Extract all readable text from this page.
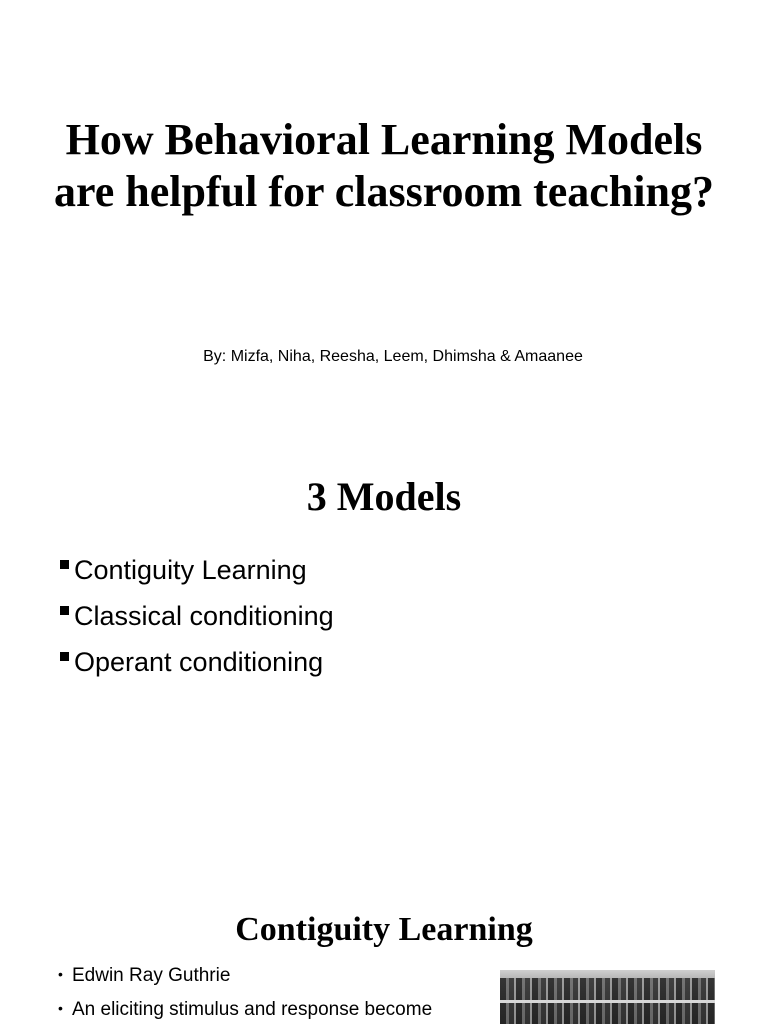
How Behavioral Learning Models are helpful for classroom teaching?

By: Mizfa, Niha, Reesha, Leem, Dhimsha & Amaanee

3 Models
Contiguity Learning
Classical conditioning
Operant conditioning
Contiguity Learning
• Edwin Ray Guthrie
• An eliciting stimulus and response become
